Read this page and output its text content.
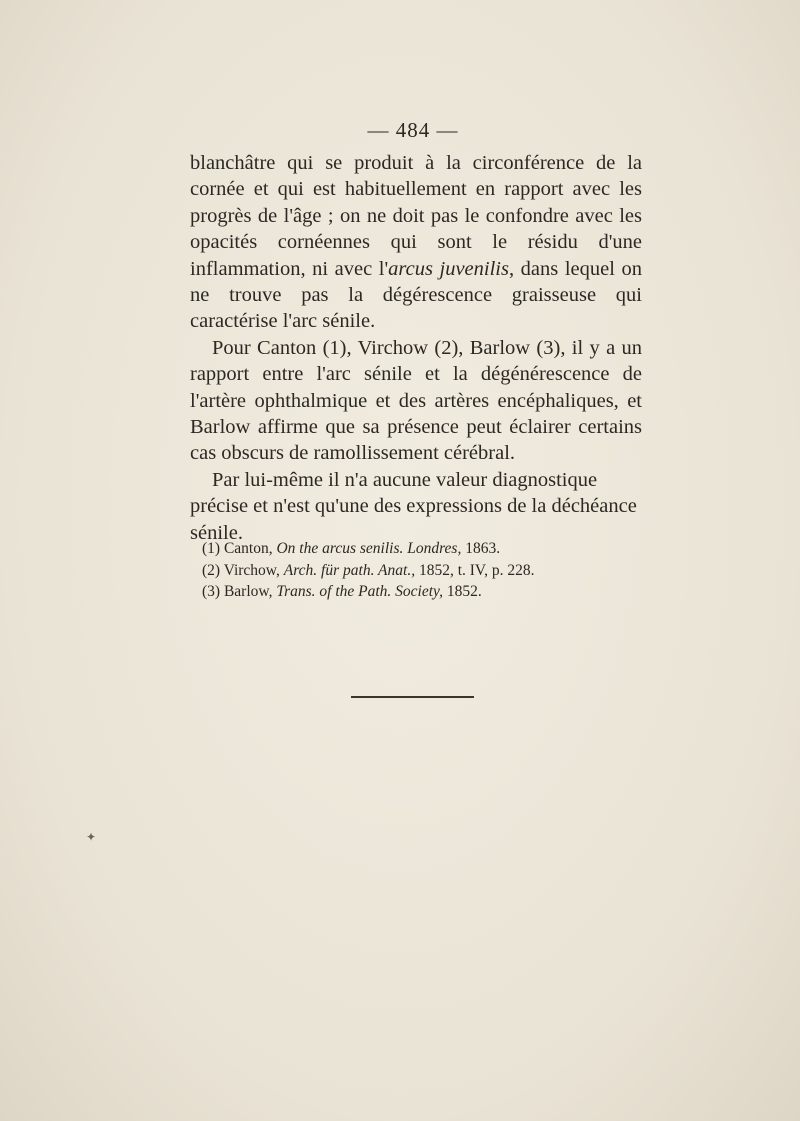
— 484 —

blanchâtre qui se produit à la circonférence de la cornée et qui est habituellement en rapport avec les progrès de l'âge ; on ne doit pas le confondre avec les opacités cornéennes qui sont le résidu d'une inflammation, ni avec l'arcus juvenilis, dans lequel on ne trouve pas la dégérescence graisseuse qui caractérise l'arc sénile.

Pour Canton (1), Virchow (2), Barlow (3), il y a un rapport entre l'arc sénile et la dégénérescence de l'artère ophthalmique et des artères encéphaliques, et Barlow affirme que sa présence peut éclairer certains cas obscurs de ramollissement cérébral.

Par lui-même il n'a aucune valeur diagnostique précise et n'est qu'une des expressions de la déchéance sénile.

(1) Canton, On the arcus senilis. Londres, 1863.
(2) Virchow, Arch. für path. Anat., 1852, t. IV, p. 228.
(3) Barlow, Trans. of the Path. Society, 1852.
✦
